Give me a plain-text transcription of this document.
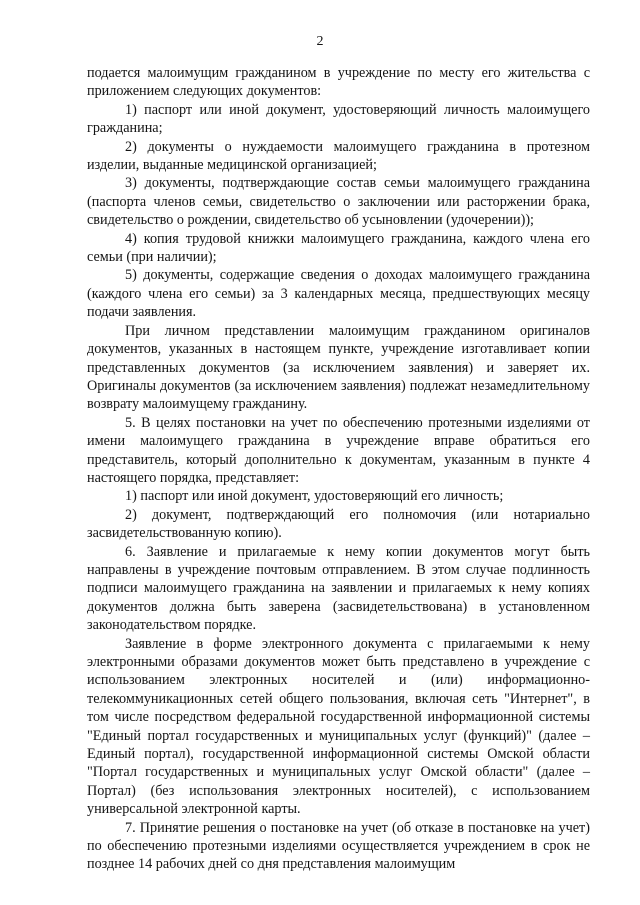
2

подается малоимущим гражданином в учреждение по месту его жительства с приложением следующих документов:

1) паспорт или иной документ, удостоверяющий личность малоимущего гражданина;

2) документы о нуждаемости малоимущего гражданина в протезном изделии, выданные медицинской организацией;

3) документы, подтверждающие состав семьи малоимущего гражданина (паспорта членов семьи, свидетельство о заключении или расторжении брака, свидетельство о рождении, свидетельство об усыновлении (удочерении));

4) копия трудовой книжки малоимущего гражданина, каждого члена его семьи (при наличии);

5) документы, содержащие сведения о доходах малоимущего гражданина (каждого члена его семьи) за 3 календарных месяца, предшествующих месяцу подачи заявления.

При личном представлении малоимущим гражданином оригиналов документов, указанных в настоящем пункте, учреждение изготавливает копии представленных документов (за исключением заявления) и заверяет их. Оригиналы документов (за исключением заявления) подлежат незамедлительному возврату малоимущему гражданину.

5. В целях постановки на учет по обеспечению протезными изделиями от имени малоимущего гражданина в учреждение вправе обратиться его представитель, который дополнительно к документам, указанным в пункте 4 настоящего порядка, представляет:

1) паспорт или иной документ, удостоверяющий его личность;

2) документ, подтверждающий его полномочия (или нотариально засвидетельствованную копию).

6. Заявление и прилагаемые к нему копии документов могут быть направлены в учреждение почтовым отправлением. В этом случае подлинность подписи малоимущего гражданина на заявлении и прилагаемых к нему копиях документов должна быть заверена (засвидетельствована) в установленном законодательством порядке.

Заявление в форме электронного документа с прилагаемыми к нему электронными образами документов может быть представлено в учреждение с использованием электронных носителей и (или) информационно-телекоммуникационных сетей общего пользования, включая сеть "Интернет", в том числе посредством федеральной государственной информационной системы "Единый портал государственных и муниципальных услуг (функций)" (далее – Единый портал), государственной информационной системы Омской области "Портал государственных и муниципальных услуг Омской области" (далее – Портал) (без использования электронных носителей), с использованием универсальной электронной карты.

7. Принятие решения о постановке на учет (об отказе в постановке на учет) по обеспечению протезными изделиями осуществляется учреждением в срок не позднее 14 рабочих дней со дня представления малоимущим
